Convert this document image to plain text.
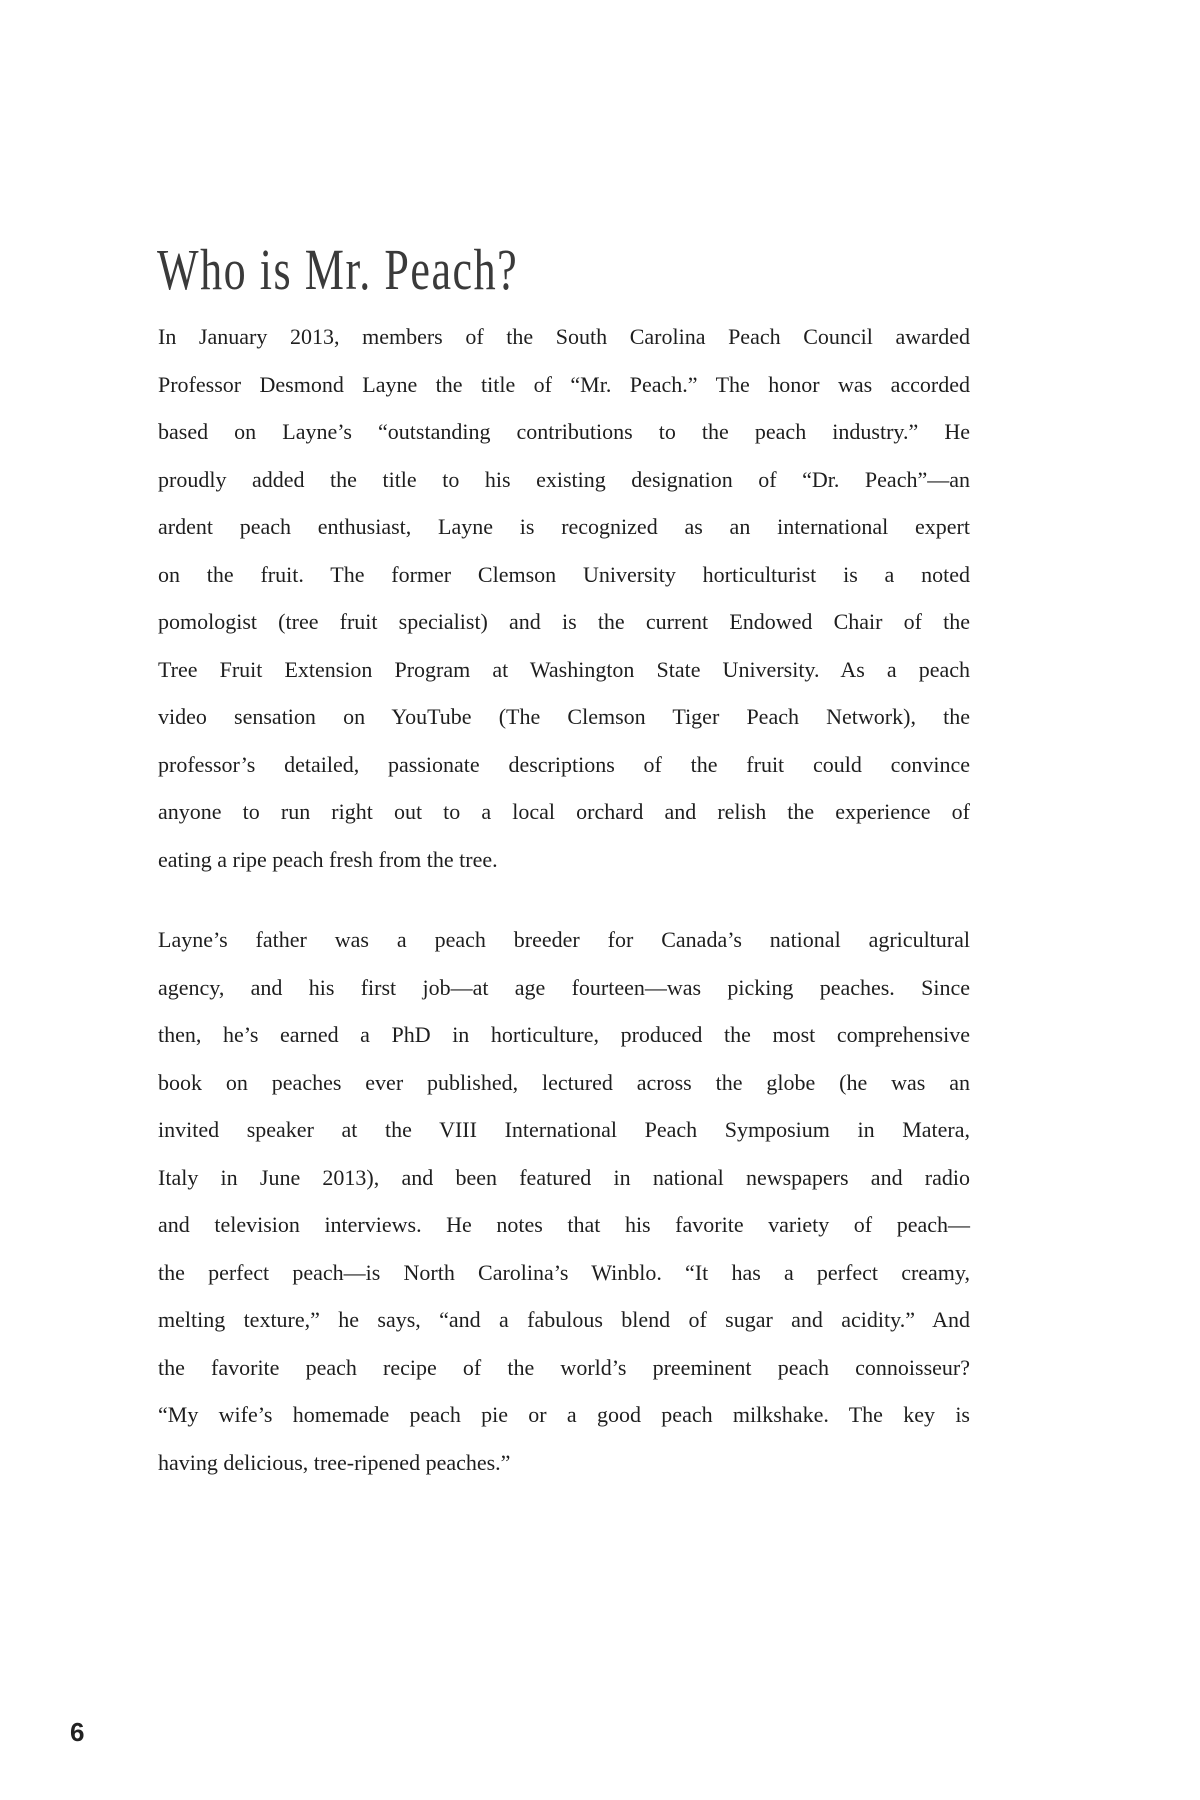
Who is Mr. Peach?
In January 2013, members of the South Carolina Peach Council awarded
Professor Desmond Layne the title of “Mr. Peach.” The honor was accorded
based on Layne’s “outstanding contributions to the peach industry.” He
proudly added the title to his existing designation of “Dr. Peach”—an
ardent peach enthusiast, Layne is recognized as an international expert
on the fruit. The former Clemson University horticulturist is a noted
pomologist (tree fruit specialist) and is the current Endowed Chair of the
Tree Fruit Extension Program at Washington State University. As a peach
video sensation on YouTube (The Clemson Tiger Peach Network), the
professor’s detailed, passionate descriptions of the fruit could convince
anyone to run right out to a local orchard and relish the experience of
eating a ripe peach fresh from the tree.
Layne’s father was a peach breeder for Canada’s national agricultural
agency, and his first job—at age fourteen—was picking peaches. Since
then, he’s earned a PhD in horticulture, produced the most comprehensive
book on peaches ever published, lectured across the globe (he was an
invited speaker at the VIII International Peach Symposium in Matera,
Italy in June 2013), and been featured in national newspapers and radio
and television interviews. He notes that his favorite variety of peach—
the perfect peach—is North Carolina’s Winblo. “It has a perfect creamy,
melting texture,” he says, “and a fabulous blend of sugar and acidity.” And
the favorite peach recipe of the world’s preeminent peach connoisseur?
“My wife’s homemade peach pie or a good peach milkshake. The key is
having delicious, tree-ripened peaches.”
6
